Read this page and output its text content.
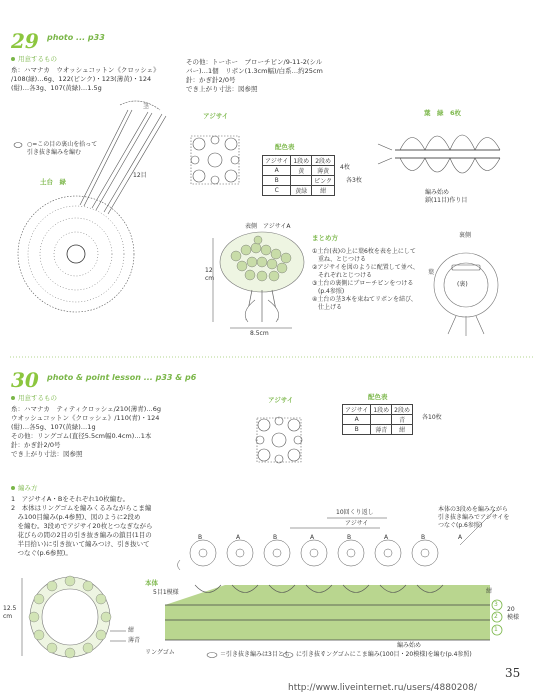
29 photo ... p33
用意するもの
糸：ハマナカ　ウオッシュコットン《クロッシェ》
/108(緑)…6g、122(ピンク)・123(薄黄)・124
(紺)…各3g、107(黄緑)…1.5g
その他：トーホー　ブローチピン/9-11-2(シル
バー)…1個　リボン(1.3cm幅)/白系…約25cm
針：かぎ針2/0号
でき上がり寸法：図参照
○=この目の裏山を拾って
引き抜き編みを編む
茎
12目
土台　緑
アジサイ
配色表
アジサイ	1段め	2段め
A	黄	薄黄
B		ピンク
C	黄緑	紺
4枚
各3枚
葉　緑　6枚
編み始め
鎖(11目)作り目
表側　 アジサイA
12
cm
8.5cm
まとめ方
①土台(表)の上に葉6枚を表を上にして
　重ね、とじつける
②アジサイを図のように配置して並べ、
　それぞれとじつける
③土台の裏側にブローチピンをつける
　(p.4参照)
④土台の茎3本を束ねてリボンを結び、
　仕上げる
裏側
葉
(裏)
30 photo & point lesson ... p33 & p6
用意するもの
糸：ハマナカ　ティティクロッシェ/210(薄青)…6g
ウオッシュコットン《クロッシェ》/110(青)・124
(紺)…各5g、107(黄緑)…1g
その他：リングゴム(直径5.5cm幅0.4cm)…1本
針：かぎ針2/0号
でき上がり寸法：図参照
編み方
1　アジサイA・Bをそれぞれ10枚編む。
2　本体はリングゴムを編みくるみながらこま編
　み100目編み(p.4参照)、図のように2段め
　を編む。3段めでアジサイ20枚とつなぎながら
　花びらの間の2目の引き抜き編みの鎖目(1目の
　半目拾い)に引き抜いて編みつけ、引き抜いて
　つなぐ(p.6参照)。
アジサイ	配色表
アジサイ	1段め	2段め
A		青
B	薄青	紺
各10枚
10回くり返し
アジサイ
本体の3段めを編みながら
引き抜き編みでアジサイを
つなぐ(p.6参照)
B	A	B	A	B	A	B	A
本体
5目1模様
紺
薄青
リングゴム
12.5
cm
3
2
1
20
模様
紺
編み始め
リングゴムにこま編み(100目・20模様)を編む(p.4参照)
＝引き抜き編みは3目とも に引き抜く
35
http://www.liveinternet.ru/users/4880208/
